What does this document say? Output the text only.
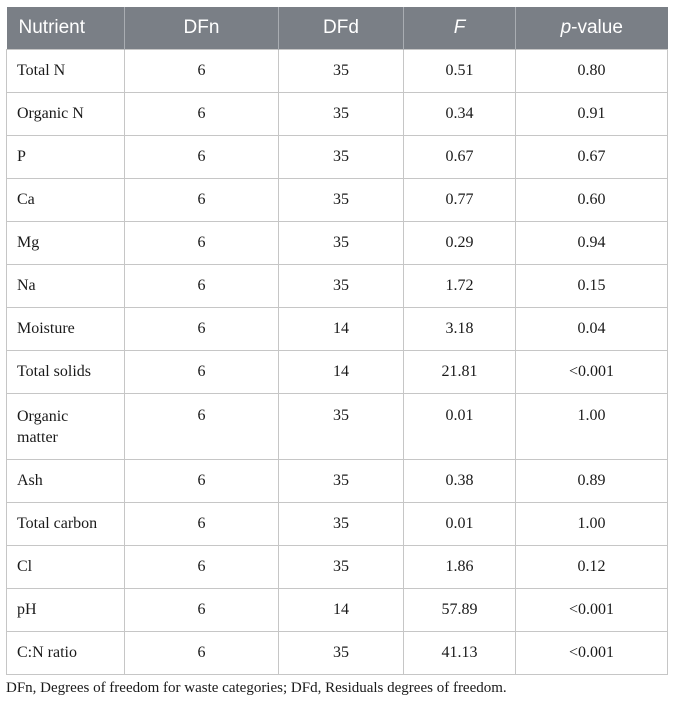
Nutrient	DFn	DFd	F	p-value
Total N	6	35	0.51	0.80
Organic N	6	35	0.34	0.91
P	6	35	0.67	0.67
Ca	6	35	0.77	0.60
Mg	6	35	0.29	0.94
Na	6	35	1.72	0.15
Moisture	6	14	3.18	0.04
Total solids	6	14	21.81	<0.001
Organic matter	6	35	0.01	1.00
Ash	6	35	0.38	0.89
Total carbon	6	35	0.01	1.00
Cl	6	35	1.86	0.12
pH	6	14	57.89	<0.001
C:N ratio	6	35	41.13	<0.001
DFn, Degrees of freedom for waste categories; DFd, Residuals degrees of freedom.
